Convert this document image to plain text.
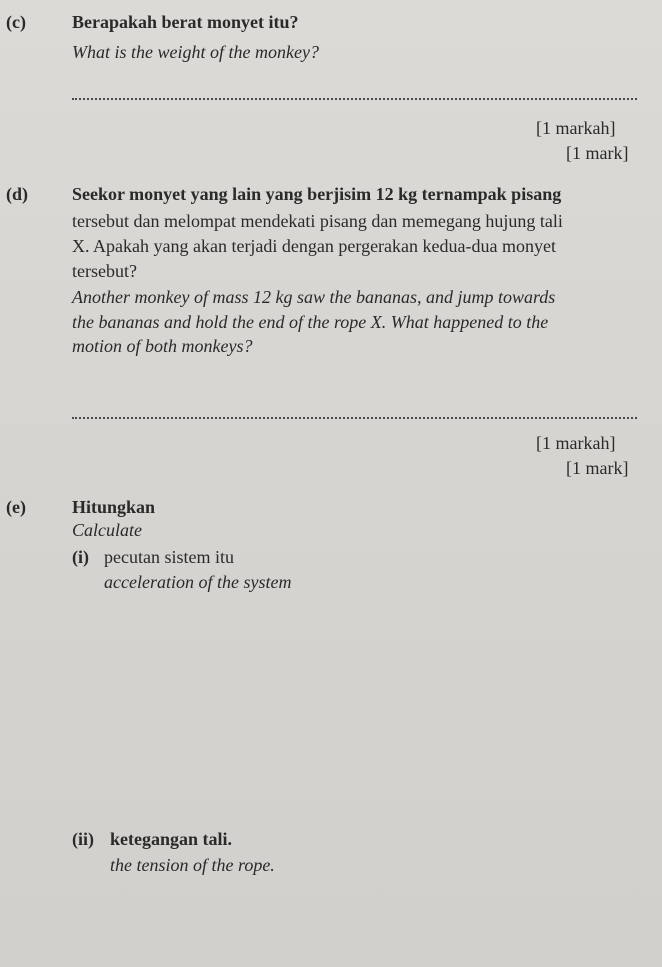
(c)	Berapakah berat monyet itu?
What is the weight of the monkey?
[1 markah]
[1 mark]
(d) Seekor monyet yang lain yang berjisim 12 kg ternampak pisang
tersebut dan melompat mendekati pisang dan memegang hujung tali
X. Apakah yang akan terjadi dengan pergerakan kedua-dua monyet
tersebut?
Another monkey of mass 12 kg saw the bananas, and jump towards
the bananas and hold the end of the rope X. What happened to the
motion of both monkeys?
[1 markah]
[1 mark]
(e)	Hitungkan
Calculate
(i) pecutan sistem itu
acceleration of the system
(ii) ketegangan tali.
the tension of the rope.
